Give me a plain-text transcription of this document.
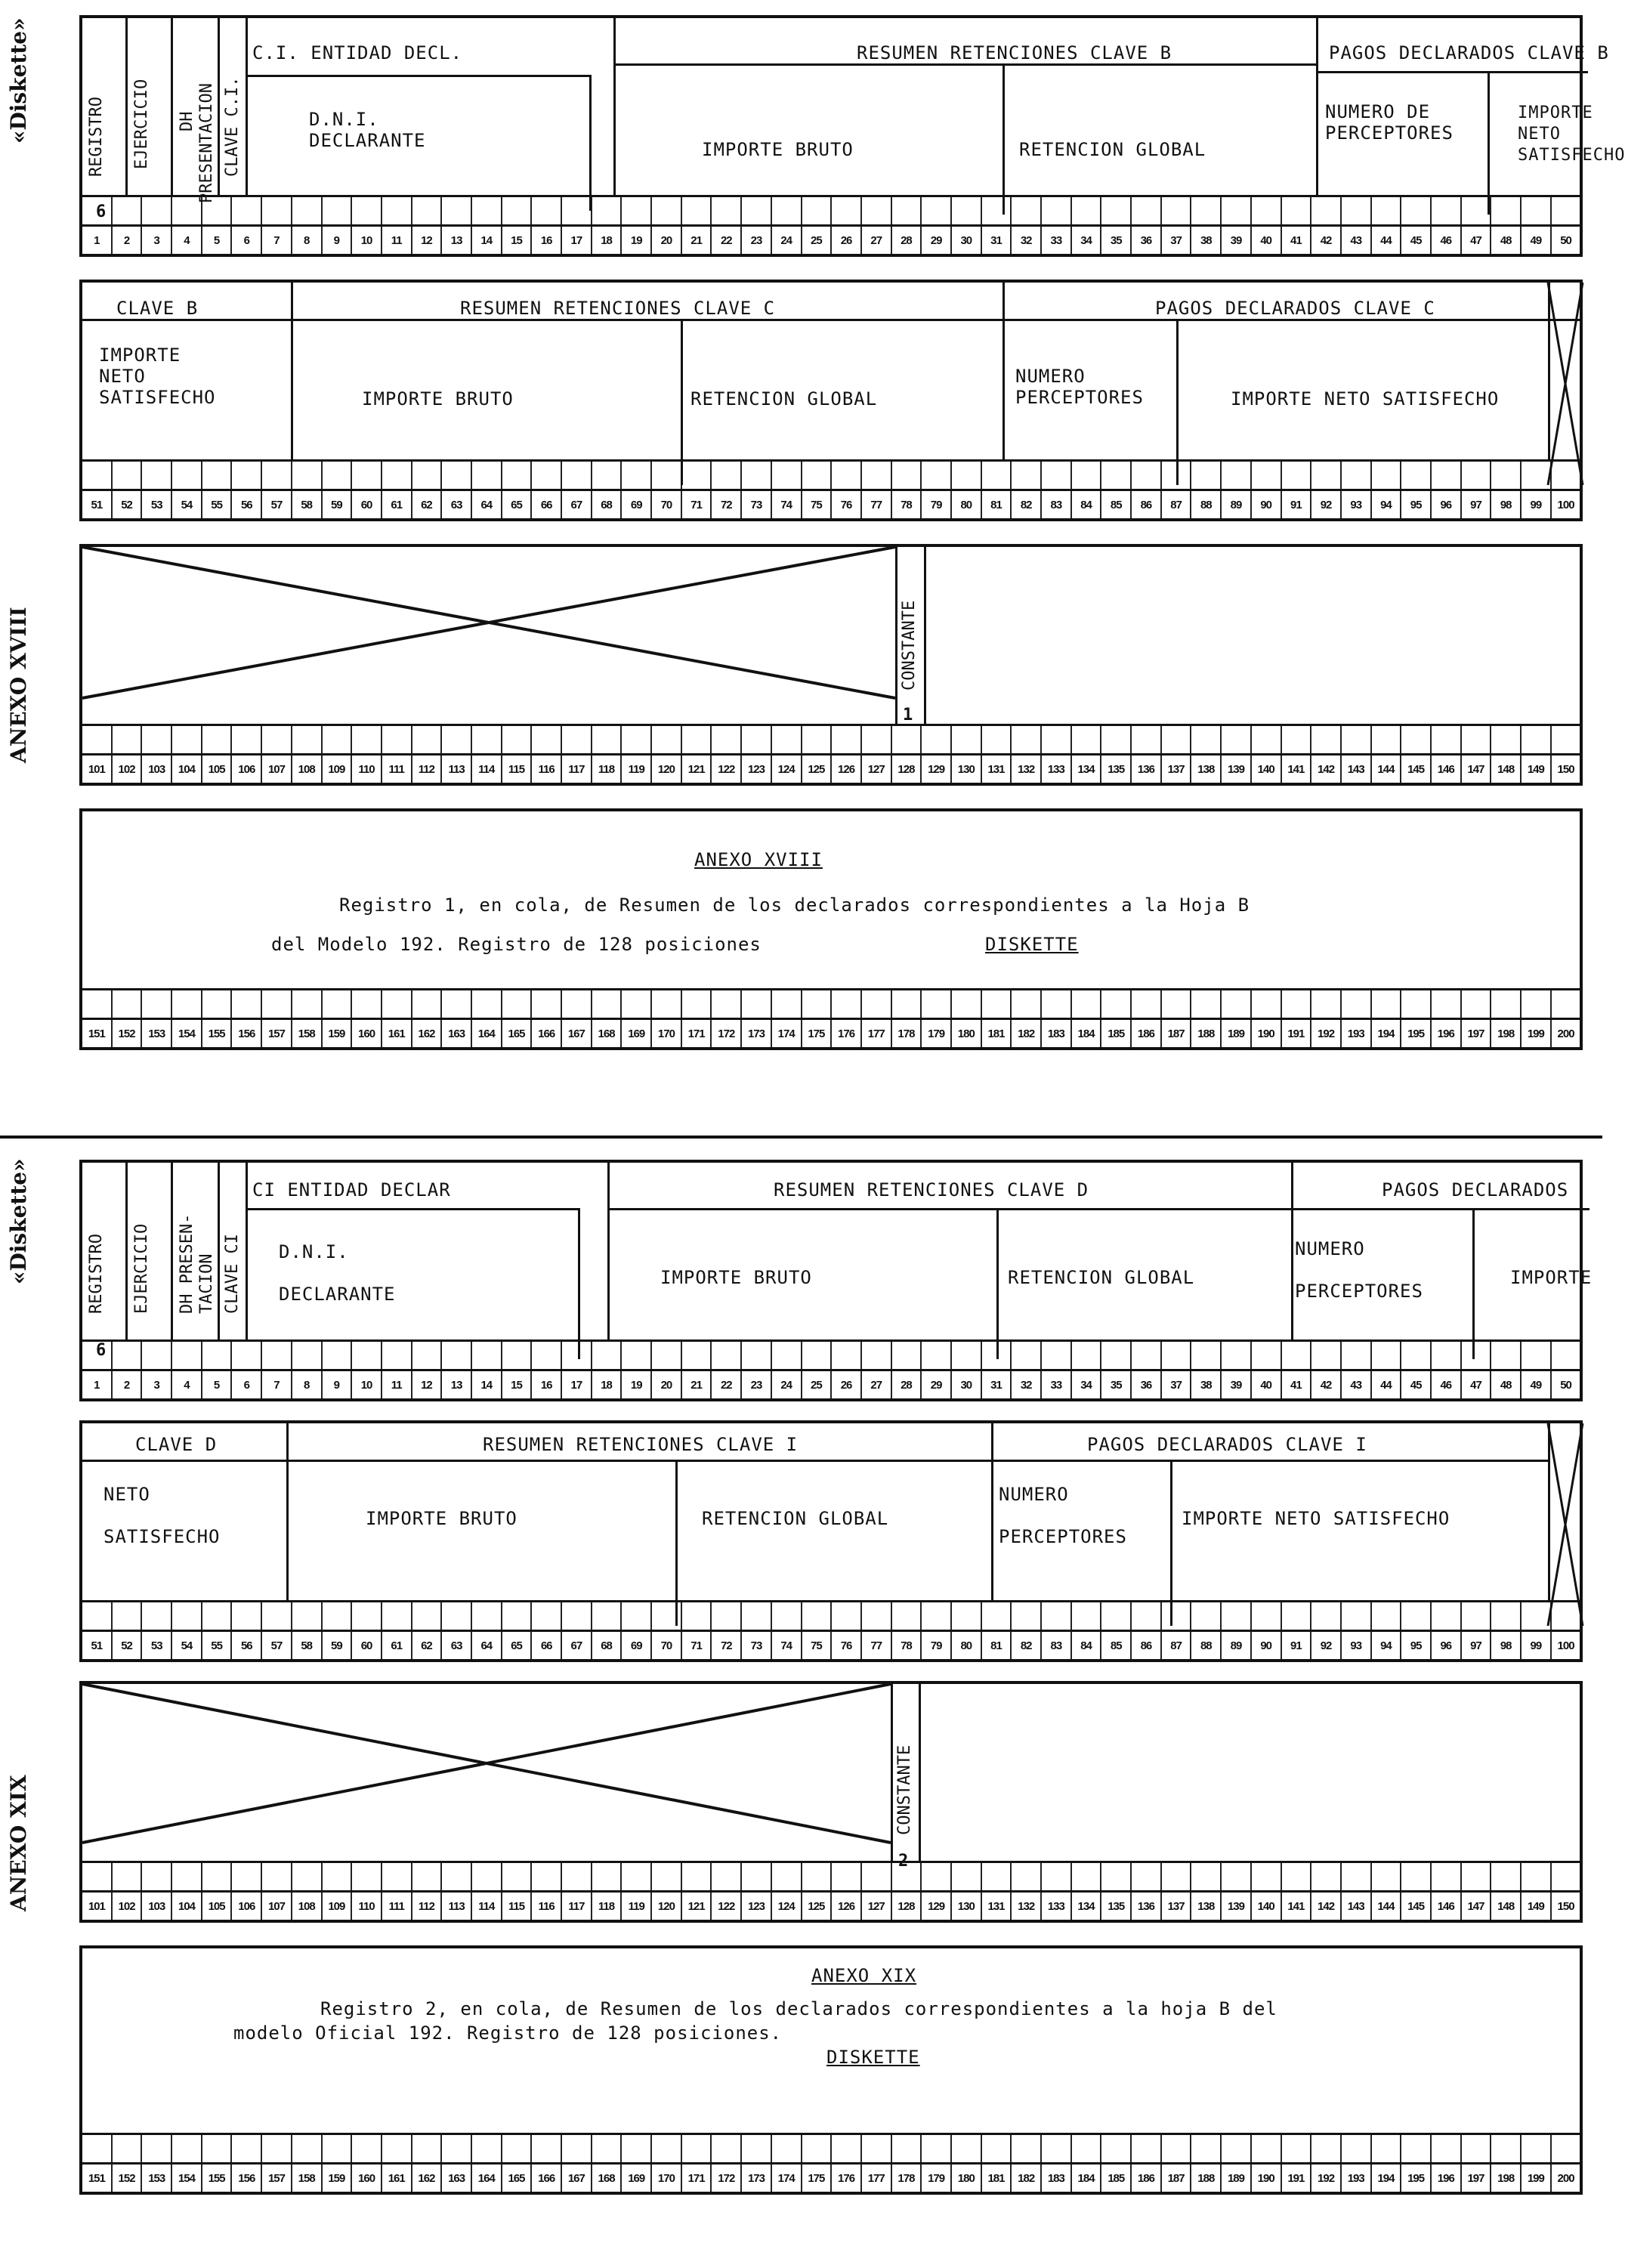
«Diskette»
ANEXO XVIII
«Diskette»
ANEXO XIX
REGISTRO EJERCICIO DH PRESENTACION CLAVE C.I.
C.I. ENTIDAD DECL.
D.N.I.
DECLARANTE
RESUMEN RETENCIONES CLAVE B
IMPORTE BRUTO	RETENCION GLOBAL
PAGOS DECLARADOS CLAVE B
NUMERO DE
PERCEPTORES
IMPORTE
NETO
SATISFECHO
6
1	2	3	4	5	6	7	8	9	10	11	12	13	14	15	16	17	18	19	20	21	22	23	24	25	26	27	28	29	30	31	32	33	34	35	36	37	38	39	40	41	42	43	44	45	46	47	48	49	50
CLAVE B
IMPORTE
NETO
SATISFECHO
RESUMEN RETENCIONES CLAVE C
IMPORTE BRUTO	RETENCION GLOBAL
PAGOS DECLARADOS CLAVE C
NUMERO
PERCEPTORES	IMPORTE NETO SATISFECHO
51	52	53	54	55	56	57	58	59	60	61	62	63	64	65	66	67	68	69	70	71	72	73	74	75	76	77	78	79	80	81	82	83	84	85	86	87	88	89	90	91	92	93	94	95	96	97	98	99	100
CONSTANTE
1
101	102	103	104	105	106	107	108	109	110	111	112	113	114	115	116	117	118	119	120	121	122	123	124	125	126	127	128	129	130	131	132	133	134	135	136	137	138	139	140	141	142	143	144	145	146	147	148	149	150
ANEXO XVIII
Registro 1, en cola, de Resumen de los declarados correspondientes a la Hoja B
del Modelo 192. Registro de 128 posiciones	DISKETTE
151	152	153	154	155	156	157	158	159	160	161	162	163	164	165	166	167	168	169	170	171	172	173	174	175	176	177	178	179	180	181	182	183	184	185	186	187	188	189	190	191	192	193	194	195	196	197	198	199	200
REGISTRO EJERCICIO DH PRESEN- TACION CLAVE CI
CI ENTIDAD DECLAR
D.N.I.

DECLARANTE
RESUMEN RETENCIONES CLAVE D
IMPORTE BRUTO	RETENCION GLOBAL
PAGOS DECLARADOS
NUMERO

PERCEPTORES
IMPORTE
6
1	2	3	4	5	6	7	8	9	10	11	12	13	14	15	16	17	18	19	20	21	22	23	24	25	26	27	28	29	30	31	32	33	34	35	36	37	38	39	40	41	42	43	44	45	46	47	48	49	50
CLAVE D
NETO

SATISFECHO
RESUMEN RETENCIONES CLAVE I
IMPORTE BRUTO	RETENCION GLOBAL
PAGOS DECLARADOS CLAVE I
NUMERO

PERCEPTORES
IMPORTE NETO SATISFECHO
51	52	53	54	55	56	57	58	59	60	61	62	63	64	65	66	67	68	69	70	71	72	73	74	75	76	77	78	79	80	81	82	83	84	85	86	87	88	89	90	91	92	93	94	95	96	97	98	99	100
CONSTANTE
2
101	102	103	104	105	106	107	108	109	110	111	112	113	114	115	116	117	118	119	120	121	122	123	124	125	126	127	128	129	130	131	132	133	134	135	136	137	138	139	140	141	142	143	144	145	146	147	148	149	150
ANEXO XIX
Registro 2, en cola, de Resumen de los declarados correspondientes a la hoja B del
modelo Oficial 192. Registro de 128 posiciones.
DISKETTE
151	152	153	154	155	156	157	158	159	160	161	162	163	164	165	166	167	168	169	170	171	172	173	174	175	176	177	178	179	180	181	182	183	184	185	186	187	188	189	190	191	192	193	194	195	196	197	198	199	200
